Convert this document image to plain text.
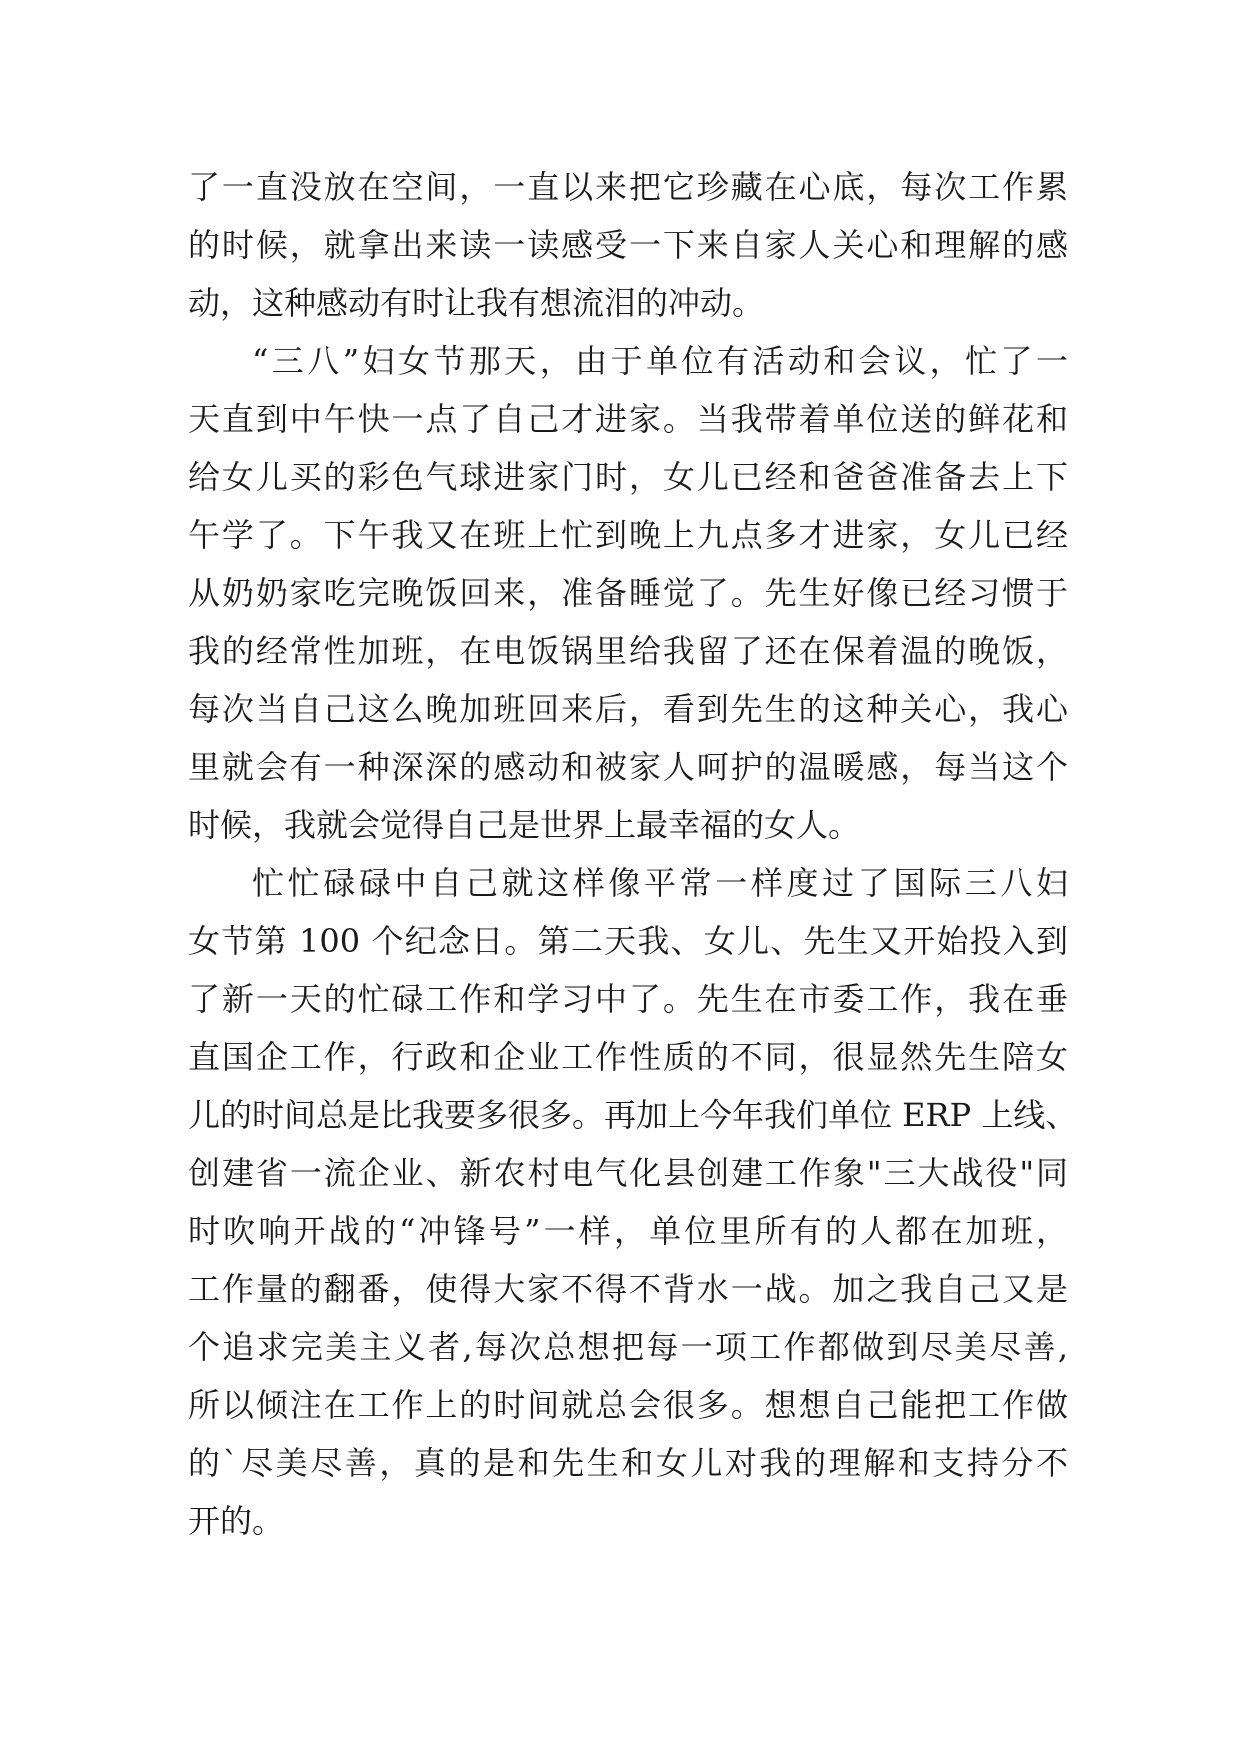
了一直没放在空间，一直以来把它珍藏在心底，每次工作累
的时候，就拿出来读一读感受一下来自家人关心和理解的感
动，这种感动有时让我有想流泪的冲动。
“三八”妇女节那天，由于单位有活动和会议，忙了一
天直到中午快一点了自己才进家。当我带着单位送的鲜花和
给女儿买的彩色气球进家门时，女儿已经和爸爸准备去上下
午学了。下午我又在班上忙到晚上九点多才进家，女儿已经
从奶奶家吃完晚饭回来，准备睡觉了。先生好像已经习惯于
我的经常性加班，在电饭锅里给我留了还在保着温的晚饭，
每次当自己这么晚加班回来后，看到先生的这种关心，我心
里就会有一种深深的感动和被家人呵护的温暖感，每当这个
时候，我就会觉得自己是世界上最幸福的女人。
忙忙碌碌中自己就这样像平常一样度过了国际三八妇
女节第 100 个纪念日。第二天我、女儿、先生又开始投入到
了新一天的忙碌工作和学习中了。先生在市委工作，我在垂
直国企工作，行政和企业工作性质的不同，很显然先生陪女
儿的时间总是比我要多很多。再加上今年我们单位 ERP 上线、
创建省一流企业、新农村电气化县创建工作象"三大战役"同
时吹响开战的“冲锋号”一样，单位里所有的人都在加班，
工作量的翻番，使得大家不得不背水一战。加之我自己又是
个追求完美主义者,每次总想把每一项工作都做到尽美尽善,
所以倾注在工作上的时间就总会很多。想想自己能把工作做
的`尽美尽善，真的是和先生和女儿对我的理解和支持分不
开的。
